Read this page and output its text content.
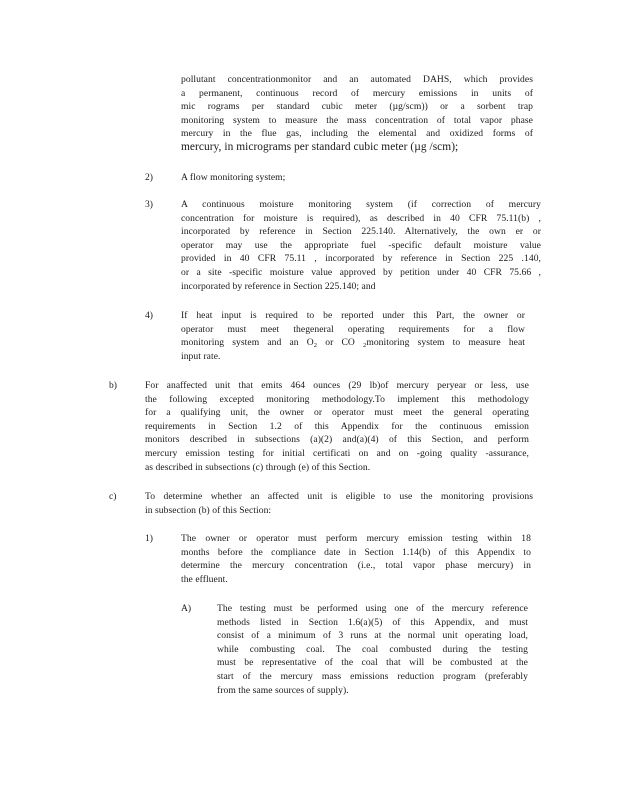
pollutant concentrationmonitor and an automated DAHS, which provides
a permanent, continuous record of mercury emissions in units of
mic rograms per standard cubic meter (µg/scm)) or a sorbent trap
monitoring system to measure the mass concentration of total vapor phase
mercury in the flue gas, including the elemental and oxidized forms of
mercury, in micrograms per standard cubic meter (µg /scm);
2)	A flow monitoring system;
3)	A continuous moisture monitoring system (if correction of mercury
concentration for moisture is required), as described in 40 CFR 75.11(b) ,
incorporated by reference in Section 225.140. Alternatively, the own er or
operator may use the appropriate fuel -specific default moisture value
provided in 40 CFR 75.11 , incorporated by reference in Section 225 .140,
or a site -specific moisture value approved by petition under 40 CFR 75.66 ,
incorporated by reference in Section 225.140; and
4)	If heat input is required to be reported under this Part, the owner or
operator must meet thegeneral operating requirements for a flow
monitoring system and an $O_2$ or CO $_2$monitoring system to measure heat
input rate.
b)	For anaffected unit that emits 464 ounces (29 lb)of mercury peryear or less, use
the following excepted monitoring methodology.To implement this methodology
for a qualifying unit, the owner or operator must meet the general operating
requirements in Section 1.2 of this Appendix for the continuous emission
monitors described in subsections (a)(2) and(a)(4) of this Section, and perform
mercury emission testing for initial certificati on and on -going quality -assurance,
as described in subsections (c) through (e) of this Section.
c)	To determine whether an affected unit is eligible to use the monitoring provisions
in subsection (b) of this Section:
1)	The owner or operator must perform mercury emission testing within 18
months before the compliance date in Section 1.14(b) of this Appendix to
determine the mercury concentration (i.e., total vapor phase mercury) in
the effluent.
A)	The testing must be performed using one of the mercury reference
methods listed in Section 1.6(a)(5) of this Appendix, and must
consist of a minimum of 3 runs at the normal unit operating load,
while combusting coal. The coal combusted during the testing
must be representative of the coal that will be combusted at the
start of the mercury mass emissions reduction program (preferably
from the same sources of supply).
